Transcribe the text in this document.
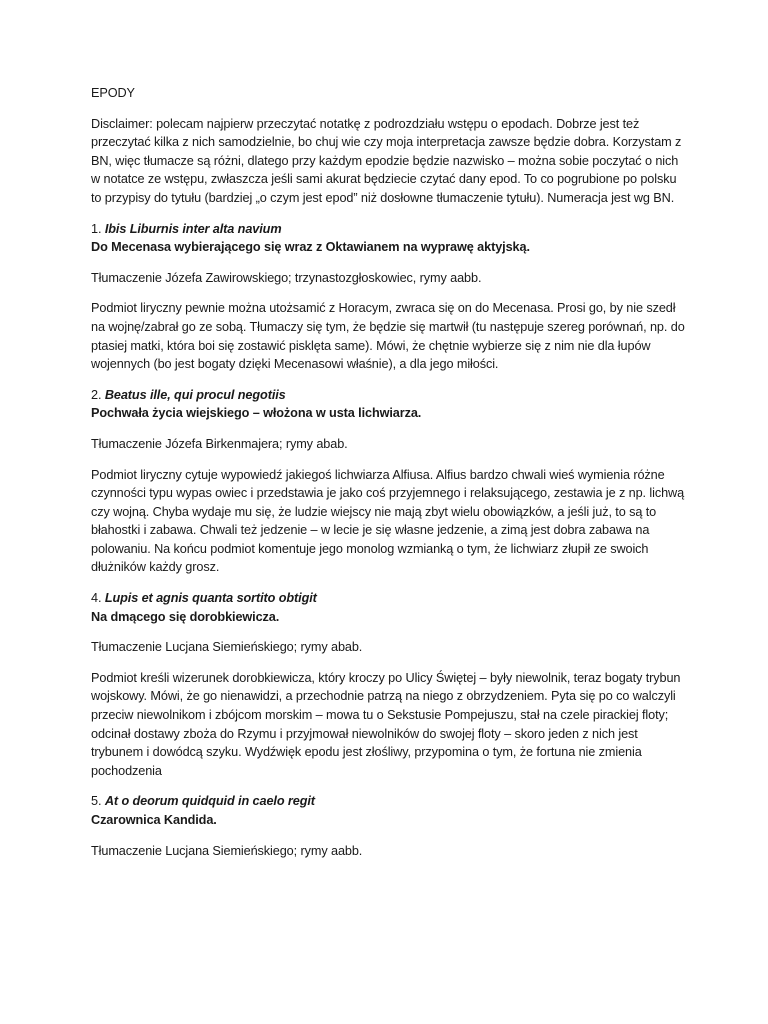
EPODY

Disclaimer: polecam najpierw przeczytać notatkę z podrozdziału wstępu o epodach. Dobrze jest też przeczytać kilka z nich samodzielnie, bo chuj wie czy moja interpretacja zawsze będzie dobra. Korzystam z BN, więc tłumacze są różni, dlatego przy każdym epodzie będzie nazwisko – można sobie poczytać o nich w notatce ze wstępu, zwłaszcza jeśli sami akurat będziecie czytać dany epod. To co pogrubione po polsku to przypisy do tytułu (bardziej „o czym jest epod” niż dosłowne tłumaczenie tytułu). Numeracja jest wg BN.

1. Ibis Liburnis inter alta navium
Do Mecenasa wybierającego się wraz z Oktawianem na wyprawę aktyjską.

Tłumaczenie Józefa Zawirowskiego; trzynastozgłoskowiec, rymy aabb.

Podmiot liryczny pewnie można utożsamić z Horacym, zwraca się on do Mecenasa. Prosi go, by nie szedł na wojnę/zabrał go ze sobą. Tłumaczy się tym, że będzie się martwił (tu następuje szereg porównań, np. do ptasiej matki, która boi się zostawić pisklęta same). Mówi, że chętnie wybierze się z nim nie dla łupów wojennych (bo jest bogaty dzięki Mecenasowi właśnie), a dla jego miłości.

2. Beatus ille, qui procul negotiis
Pochwała życia wiejskiego – włożona w usta lichwiarza.

Tłumaczenie Józefa Birkenmajera; rymy abab.

Podmiot liryczny cytuje wypowiedź jakiegoś lichwiarza Alfiusa. Alfius bardzo chwali wieś wymienia różne czynności typu wypas owiec i przedstawia je jako coś przyjemnego i relaksującego, zestawia je z np. lichwą czy wojną. Chyba wydaje mu się, że ludzie wiejscy nie mają zbyt wielu obowiązków, a jeśli już, to są to błahostki i zabawa. Chwali też jedzenie – w lecie je się własne jedzenie, a zimą jest dobra zabawa na polowaniu. Na końcu podmiot komentuje jego monolog wzmianką o tym, że lichwiarz złupił ze swoich dłużników każdy grosz.

4. Lupis et agnis quanta sortito obtigit
Na dmącego się dorobkiewicza.

Tłumaczenie Lucjana Siemieńskiego; rymy abab.

Podmiot kreśli wizerunek dorobkiewicza, który kroczy po Ulicy Świętej – były niewolnik, teraz bogaty trybun wojskowy. Mówi, że go nienawidzi, a przechodnie patrzą na niego z obrzydzeniem. Pyta się po co walczyli przeciw niewolnikom i zbójcom morskim – mowa tu o Sekstusie Pompejuszu, stał na czele pirackiej floty; odcinał dostawy zboża do Rzymu i przyjmował niewolników do swojej floty – skoro jeden z nich jest trybunem i dowódcą szyku. Wydźwięk epodu jest złośliwy, przypomina o tym, że fortuna nie zmienia pochodzenia

5. At o deorum quidquid in caelo regit
Czarownica Kandida.

Tłumaczenie Lucjana Siemieńskiego; rymy aabb.
